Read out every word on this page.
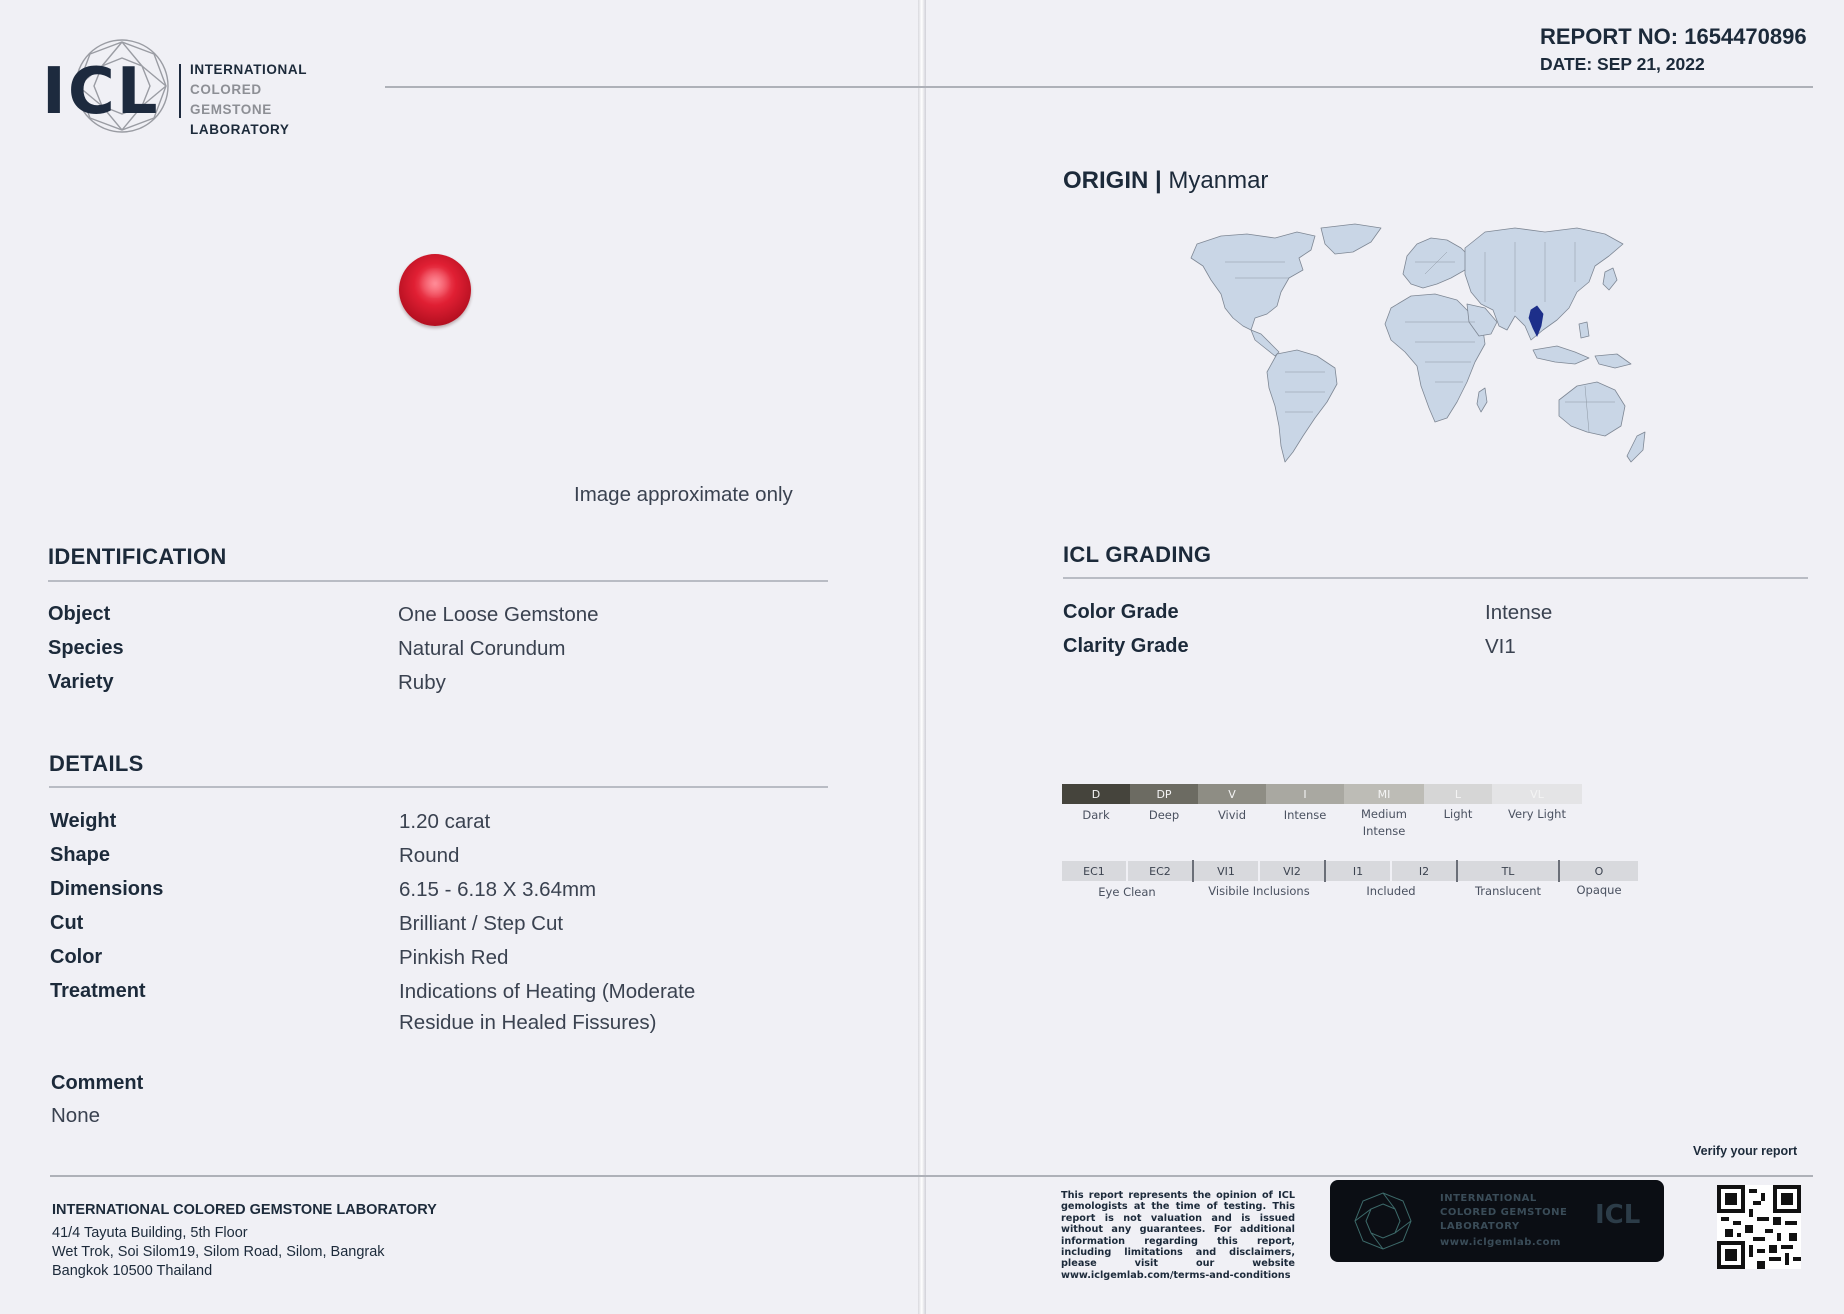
ICL INTERNATIONAL
COLORED GEMSTONE
LABORATORY
REPORT NO: 1654470896
DATE: SEP 21, 2022
Image approximate only
IDENTIFICATION
Object	One Loose Gemstone
Species	Natural Corundum
Variety	Ruby
DETAILS
Weight	1.20 carat
Shape	Round
Dimensions	6.15 - 6.18 X 3.64mm
Cut	Brilliant / Step Cut
Color	Pinkish Red
Treatment	Indications of Heating (Moderate
Residue in Healed Fissures)
Comment
None
INTERNATIONAL COLORED GEMSTONE LABORATORY
41/4 Tayuta Building, 5th Floor
Wet Trok, Soi Silom19, Silom Road, Silom, Bangrak
Bangkok 10500 Thailand
ORIGIN | Myanmar
ICL GRADING
Color Grade	Intense
Clarity Grade	VI1
D	DP	V	I	MI	L	VL
Dark	Deep	Vivid	Intense	Medium
Intense
Light	Very Light
EC1	EC2	VI1	VI2	I1	I2	TL	O
Eye Clean	Visibile Inclusions	Included	Translucent	Opaque
Verify your report
This report represents the opinion of ICL gemologists at the time of testing. This report is not valuation and is issued without any guarantees. For additional information regarding this report, including limitations and disclaimers, please visit our website www.iclgemlab.com/terms-and-conditions
INTERNATIONAL
COLORED GEMSTONE
LABORATORY
www.iclgemlab.com
ICL
